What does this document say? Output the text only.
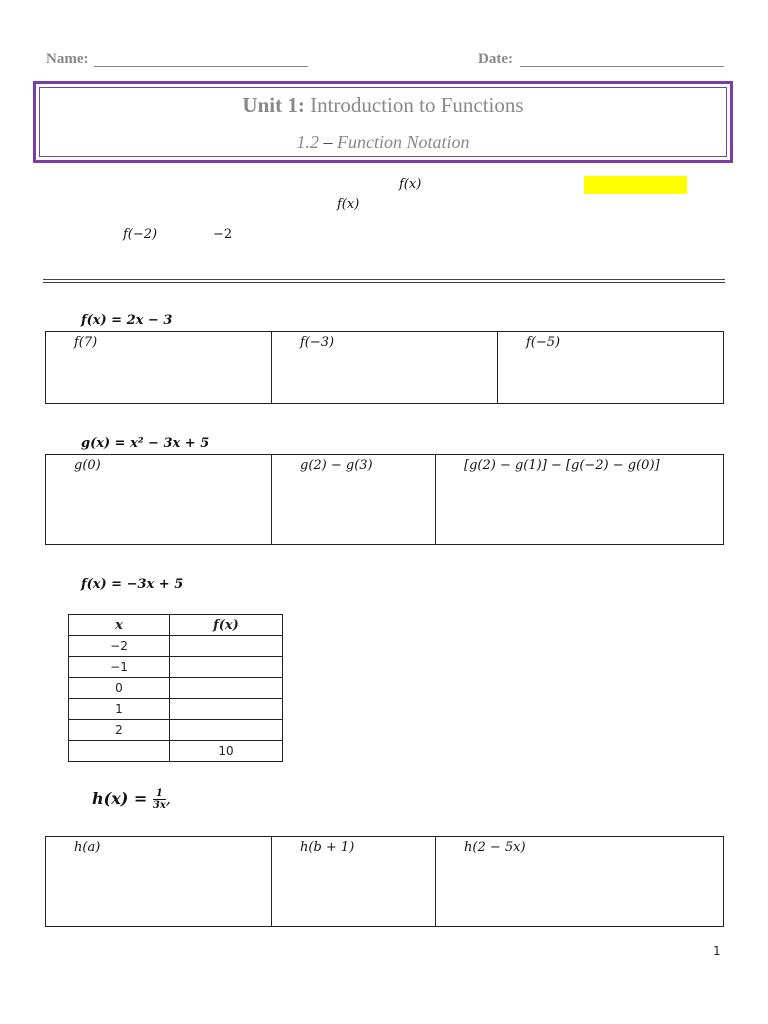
Name:	Date:
Unit 1: Introduction to Functions
1.2 – Function Notation
f(x)
f(x)
f(−2)	−2
f(x) = 2x − 3
f(7)	f(−3)	f(−5)
g(x) = x² − 3x + 5
g(0)	g(2) − g(3)	[g(2) − g(1)] − [g(−2) − g(0)]
f(x) = −3x + 5
x	f(x)
−2	
−1	
0	
1	
2	
	10
$h(x) = \frac{1}{3x}$ ,
h(a)	h(b + 1)	h(2 − 5x)
1
